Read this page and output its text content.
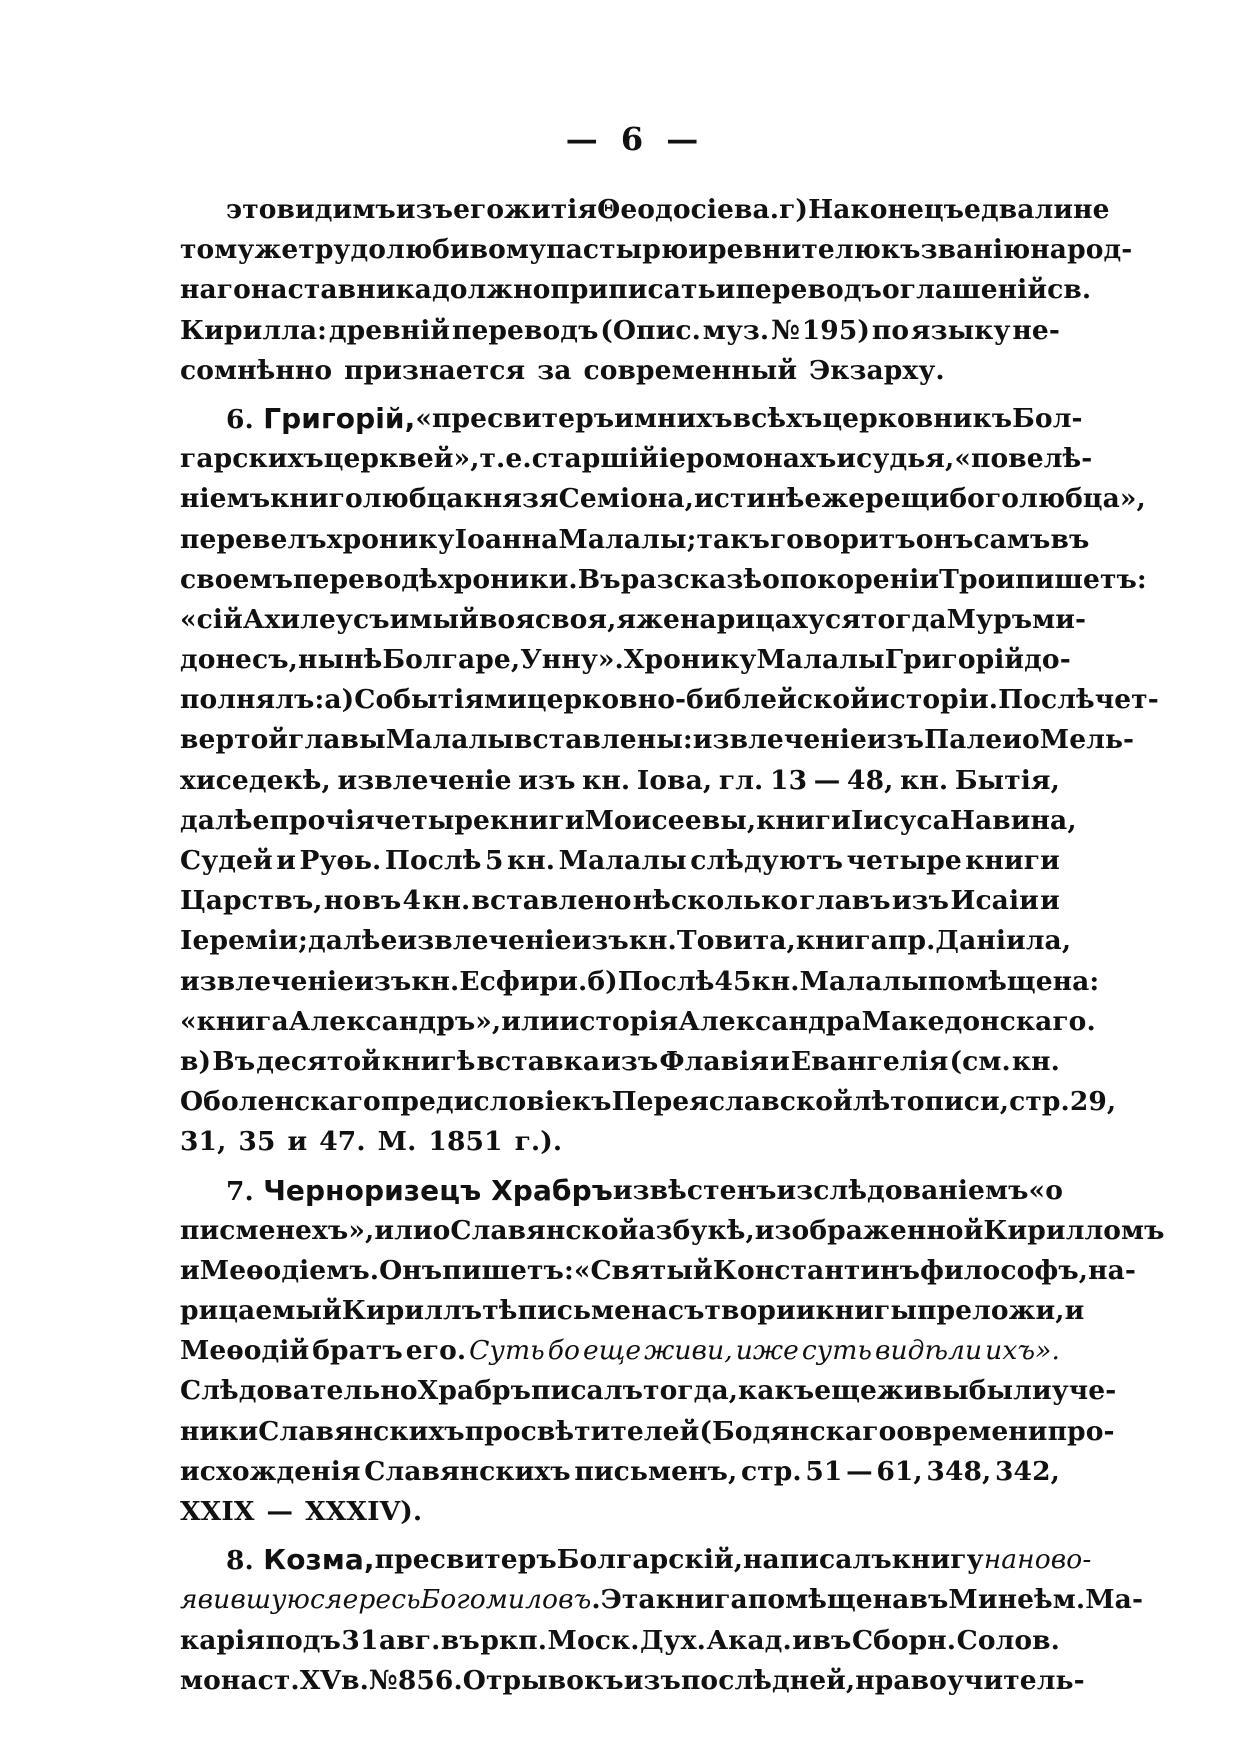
— 6 —
это видимъ изъ его житія Θеодосіева. г) Наконецъ едва ли не
тому же трудолюбивому пастырю и ревнителю къ званію народ-
наго наставника должно приписать и переводъ оглашеній св.
Кирилла: древній переводъ (Опис. муз. № 195) по языку не-
сомнѣнно признается за современный Экзарху.
6. Григорій, «пресвитеръ и мнихъ всѣхъ церковникъ Бол-
гарскихъ церквей», т. е. старшій іеромонахъ и судья, «повелѣ-
ніемъ книголюбца князя Семіона, истинѣе же рещи боголюбца»,
перевелъ хронику Іоанна Малалы; такъ говоритъ онъ самъ въ
своемъ переводѣ хроники. Въ разсказѣ о покореніи Трои пишетъ:
«сій Ахилеусъ имый воя своя, яже нарицахуся тогда Муръми-
донесъ, нынѣ Болгаре, Унну». Хронику Малалы Григорій до-
полнялъ: а) Событіями церковно-библейской исторіи. Послѣ чет-
вертой главы Малалы вставлены: извлеченіе изъ Палеи о Мель-
хиседекѣ, извлеченіе изъ кн. Іова, гл. 13 — 48, кн. Бытія,
далѣе прочія четыре книги Моисеевы, книги Іисуса Навина,
Судей и Руѳь. Послѣ 5 кн. Малалы слѣдуютъ четыре книги
Царствъ, но въ 4 кн. вставлено нѣсколько главъ изъ Исаіи и
Іереміи; далѣе извлеченіе изъ кн. Товита, книга пр. Даніила,
извлеченіе изъ кн. Есфири. б) Послѣ 45 кн. Малалы помѣщена:
«книга Александръ», или исторія Александра Македонскаго.
в) Въ десятой книгѣ вставка изъ Флавія и Евангелія (см. кн.
Оболенскаго предисловіе къ Переяславской лѣтописи, стр. 29,
31, 35 и 47. М. 1851 г.).
7. Черноризецъ Храбръ извѣстенъ изслѣдованіемъ «о
писменехъ», или о Славянской азбукѣ, изображенной Кирилломъ
и Меѳодіемъ. Онъ пишетъ: «Святый Константинъ философъ, на-
рицаемый Кириллъ тѣ письмена сътвори и книгы преложи, и
Меѳодій братъ его. Суть бо еще живи, иже суть видѣли ихъ».
Слѣдовательно Храбръ писалъ тогда, какъ еще живы были уче-
ники Славянскихъ просвѣтителей (Бодянскаго о времени про-
исхожденія Славянскихъ письменъ, стр. 51 — 61, 348, 342,
XXIX — XXXIV).
8. Козма, пресвитеръ Болгарскій, написалъ книгу на ново-
явившуюся ересь Богомиловъ . Эта книга помѣщена въ Минеѣ м. Ма-
карія подъ 31 авг. въ ркп. Моск. Дух. Акад. и въ Сборн. Солов.
монаст. XV в. № 856. Отрывокъ изъ послѣдней, нравоучитель-
